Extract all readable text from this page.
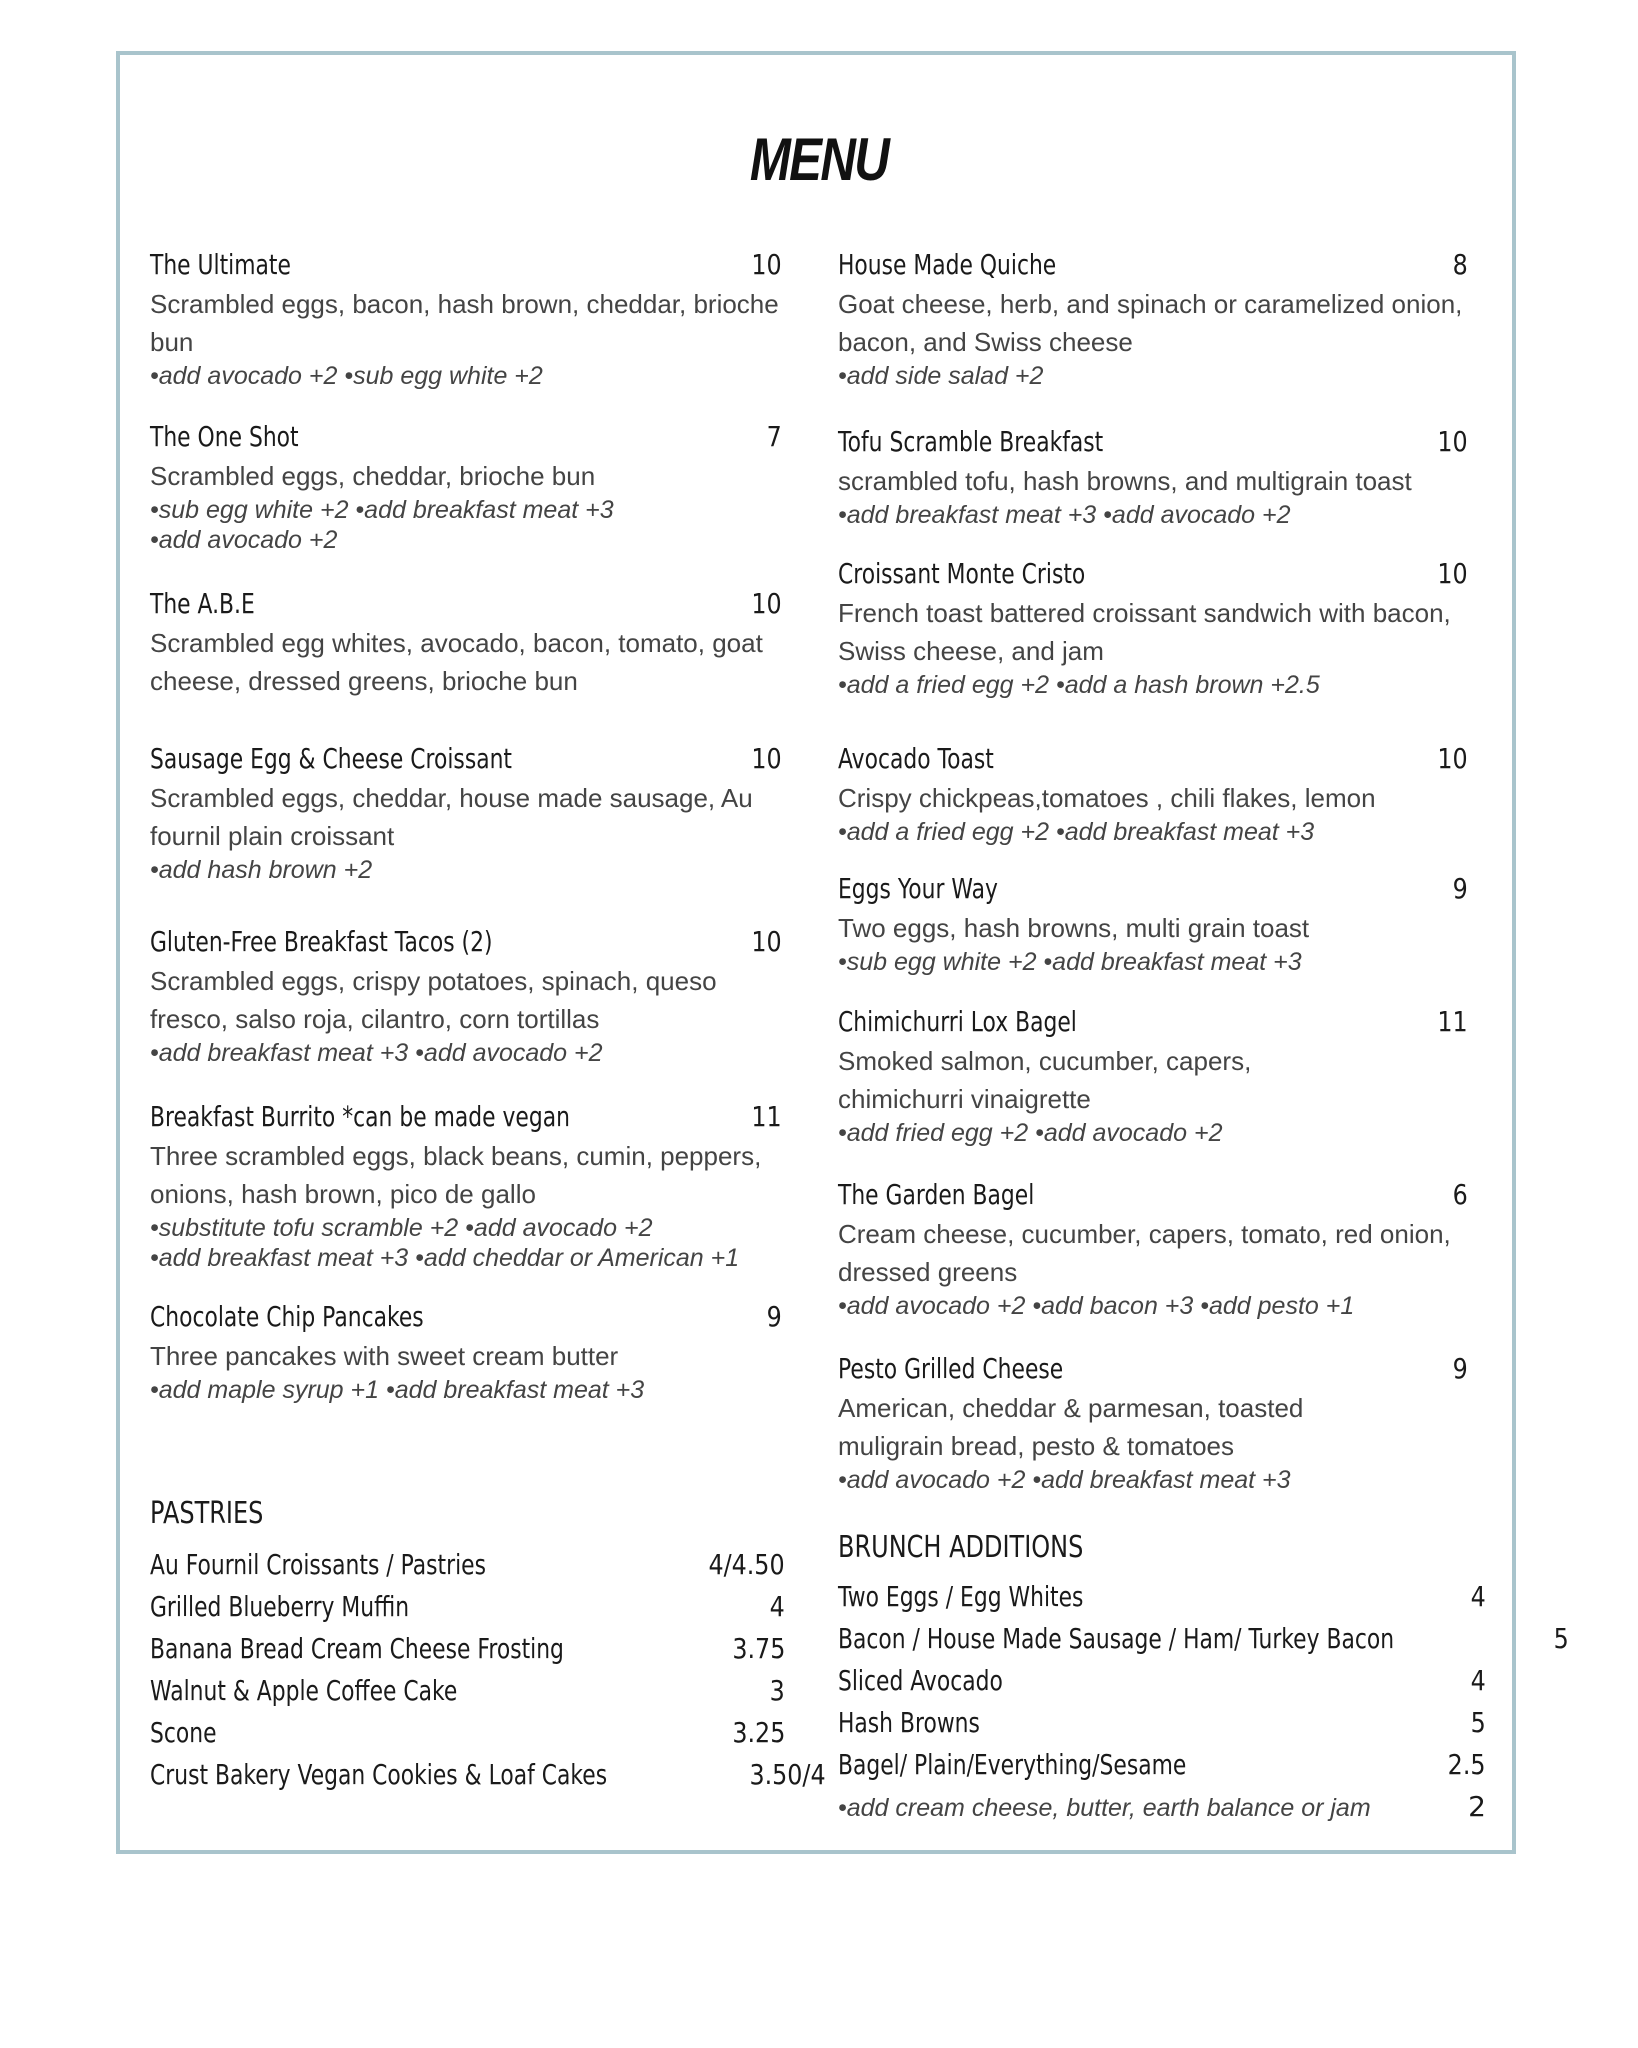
MENU
The Ultimate	10
Scrambled eggs, bacon, hash brown, cheddar, brioche bun
•add avocado +2 •sub egg white +2
The One Shot	7
Scrambled eggs, cheddar, brioche bun
•sub egg white +2 •add breakfast meat +3
•add avocado +2
The A.B.E	10
Scrambled egg whites, avocado, bacon, tomato, goat cheese, dressed greens, brioche bun
Sausage Egg & Cheese Croissant	10
Scrambled eggs, cheddar, house made sausage, Au fournil plain croissant
•add hash brown +2
Gluten-Free Breakfast Tacos (2)	10
Scrambled eggs, crispy potatoes, spinach, queso fresco, salso roja, cilantro, corn tortillas
•add breakfast meat +3 •add avocado +2
Breakfast Burrito *can be made vegan	11
Three scrambled eggs, black beans, cumin, peppers, onions, hash brown, pico de gallo
•substitute tofu scramble +2 •add avocado +2
•add breakfast meat +3 •add cheddar or American +1
Chocolate Chip Pancakes	9
Three pancakes with sweet cream butter
•add maple syrup +1 •add breakfast meat +3
House Made Quiche	8
Goat cheese, herb, and spinach or caramelized onion, bacon, and Swiss cheese
•add side salad +2
Tofu Scramble Breakfast	10
scrambled tofu, hash browns, and multigrain toast
•add breakfast meat +3 •add avocado +2
Croissant Monte Cristo	10
French toast battered croissant sandwich with bacon, Swiss cheese, and jam
•add a fried egg +2 •add a hash brown +2.5
Avocado Toast	10
Crispy chickpeas,tomatoes , chili flakes, lemon
•add a fried egg +2 •add breakfast meat +3
Eggs Your Way	9
Two eggs, hash browns, multi grain toast
•sub egg white +2 •add breakfast meat +3
Chimichurri Lox Bagel	11
Smoked salmon, cucumber, capers, chimichurri vinaigrette
•add fried egg +2 •add avocado +2
The Garden Bagel	6
Cream cheese, cucumber, capers, tomato, red onion, dressed greens
•add avocado +2 •add bacon +3 •add pesto +1
Pesto Grilled Cheese	9
American, cheddar & parmesan, toasted muligrain bread, pesto & tomatoes
•add avocado +2 •add breakfast meat +3
PASTRIES
Au Fournil Croissants / Pastries	4/4.50
Grilled Blueberry Muffin	4
Banana Bread Cream Cheese Frosting	3.75
Walnut & Apple Coffee Cake	3
Scone	3.25
Crust Bakery Vegan Cookies & Loaf Cakes	3.50/4
BRUNCH ADDITIONS
Two Eggs / Egg Whites	4
Bacon / House Made Sausage / Ham/ Turkey Bacon	5
Sliced Avocado	4
Hash Browns	5
Bagel/ Plain/Everything/Sesame	2.5
•add cream cheese, butter, earth balance or jam	2
